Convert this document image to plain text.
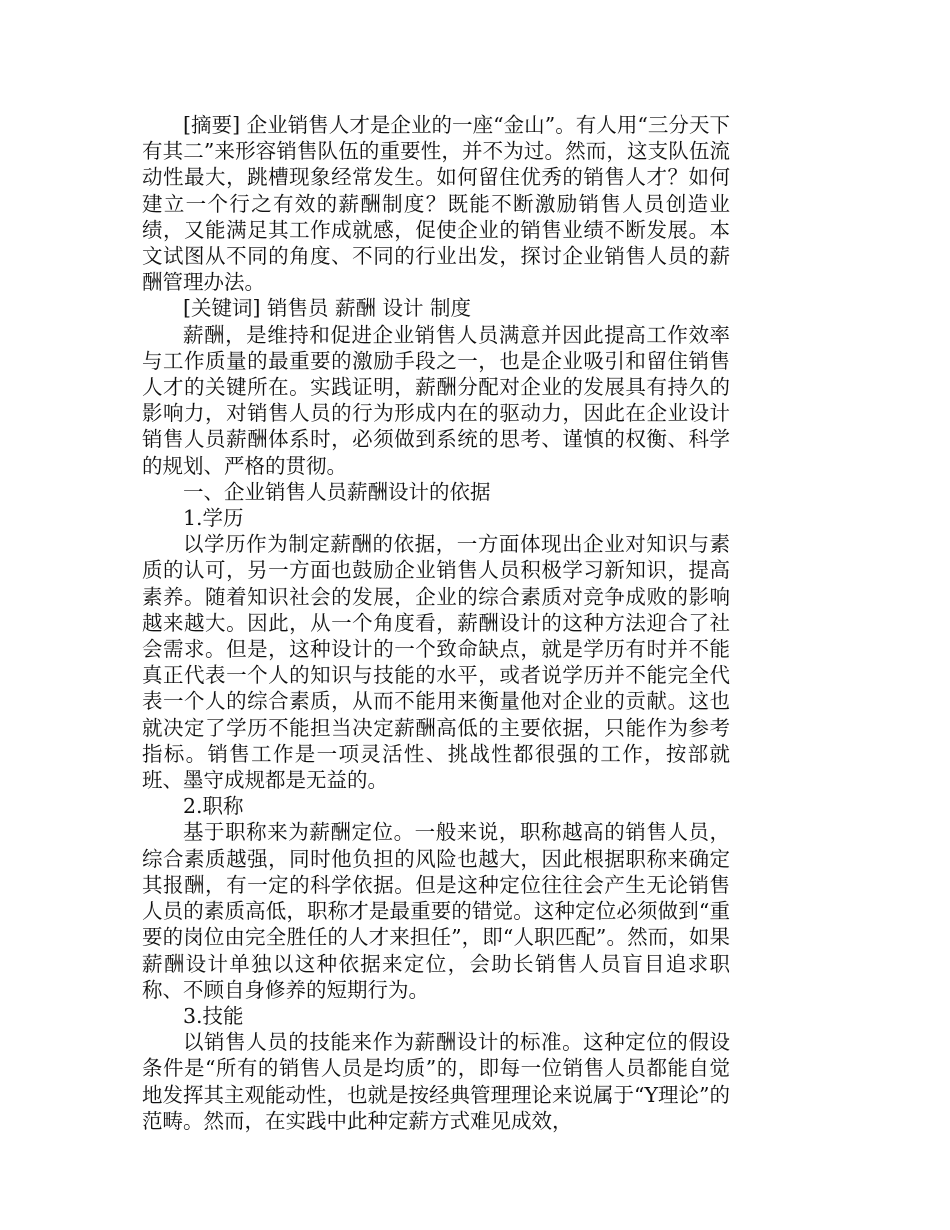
[摘要] 企业销售人才是企业的一座“金山”。有人用“三分天下有其二”来形容销售队伍的重要性，并不为过。然而，这支队伍流动性最大，跳槽现象经常发生。如何留住优秀的销售人才？如何建立一个行之有效的薪酬制度？既能不断激励销售人员创造业绩，又能满足其工作成就感，促使企业的销售业绩不断发展。本文试图从不同的角度、不同的行业出发，探讨企业销售人员的薪酬管理办法。

[关键词] 销售员 薪酬 设计 制度

薪酬，是维持和促进企业销售人员满意并因此提高工作效率与工作质量的最重要的激励手段之一，也是企业吸引和留住销售人才的关键所在。实践证明，薪酬分配对企业的发展具有持久的影响力，对销售人员的行为形成内在的驱动力，因此在企业设计销售人员薪酬体系时，必须做到系统的思考、谨慎的权衡、科学的规划、严格的贯彻。

一、企业销售人员薪酬设计的依据

1.学历

以学历作为制定薪酬的依据，一方面体现出企业对知识与素质的认可，另一方面也鼓励企业销售人员积极学习新知识，提高素养。随着知识社会的发展，企业的综合素质对竞争成败的影响越来越大。因此，从一个角度看，薪酬设计的这种方法迎合了社会需求。但是，这种设计的一个致命缺点，就是学历有时并不能真正代表一个人的知识与技能的水平，或者说学历并不能完全代表一个人的综合素质，从而不能用来衡量他对企业的贡献。这也就决定了学历不能担当决定薪酬高低的主要依据，只能作为参考指标。销售工作是一项灵活性、挑战性都很强的工作，按部就班、墨守成规都是无益的。

2.职称

基于职称来为薪酬定位。一般来说，职称越高的销售人员，综合素质越强，同时他负担的风险也越大，因此根据职称来确定其报酬，有一定的科学依据。但是这种定位往往会产生无论销售人员的素质高低，职称才是最重要的错觉。这种定位必须做到“重要的岗位由完全胜任的人才来担任”，即“人职匹配”。然而，如果薪酬设计单独以这种依据来定位，会助长销售人员盲目追求职称、不顾自身修养的短期行为。

3.技能

以销售人员的技能来作为薪酬设计的标准。这种定位的假设条件是“所有的销售人员是均质”的，即每一位销售人员都能自觉地发挥其主观能动性，也就是按经典管理理论来说属于“Y理论”的范畴。然而，在实践中此种定薪方式难见成效，
